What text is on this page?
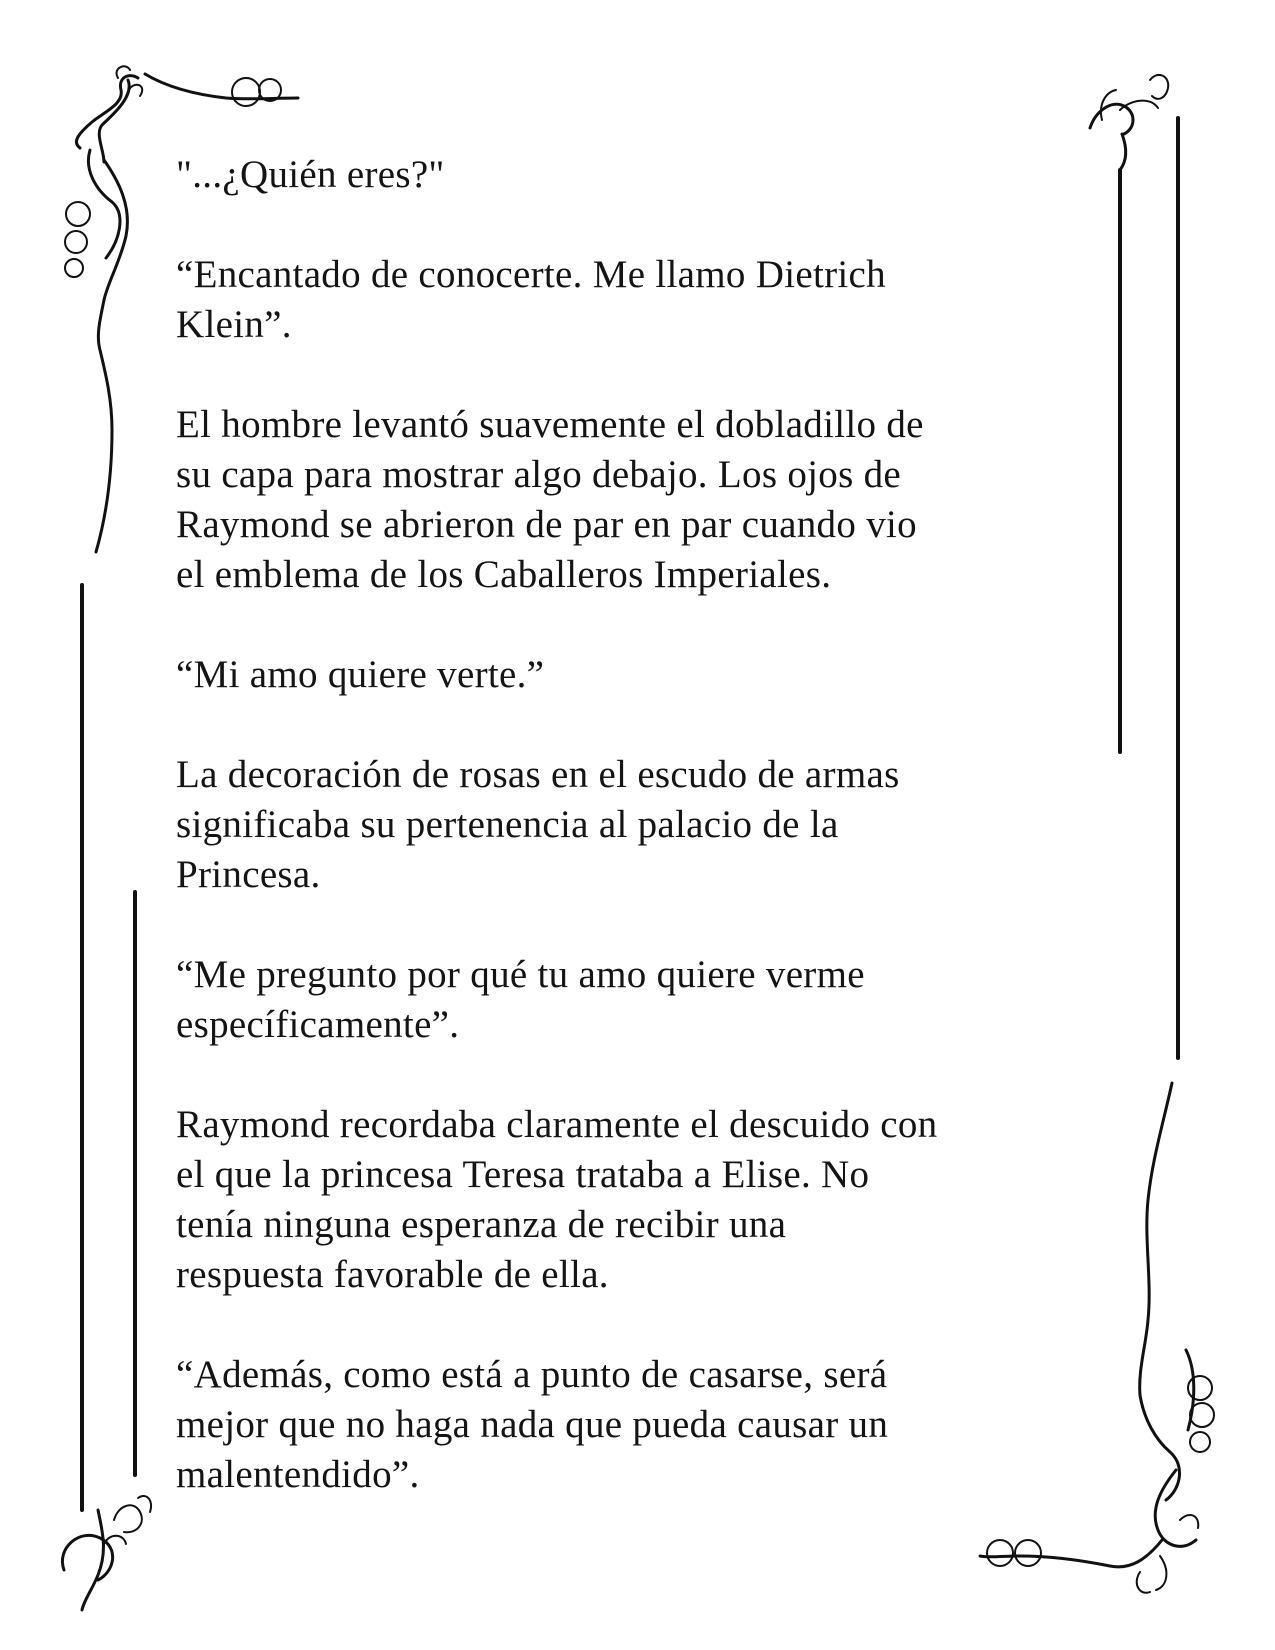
"...¿Quién eres?"

“Encantado de conocerte. Me llamo Dietrich
Klein”.

El hombre levantó suavemente el dobladillo de
su capa para mostrar algo debajo. Los ojos de
Raymond se abrieron de par en par cuando vio
el emblema de los Caballeros Imperiales.

“Mi amo quiere verte.”

La decoración de rosas en el escudo de armas
significaba su pertenencia al palacio de la
Princesa.

“Me pregunto por qué tu amo quiere verme
específicamente”.

Raymond recordaba claramente el descuido con
el que la princesa Teresa trataba a Elise. No
tenía ninguna esperanza de recibir una
respuesta favorable de ella.

“Además, como está a punto de casarse, será
mejor que no haga nada que pueda causar un
malentendido”.
